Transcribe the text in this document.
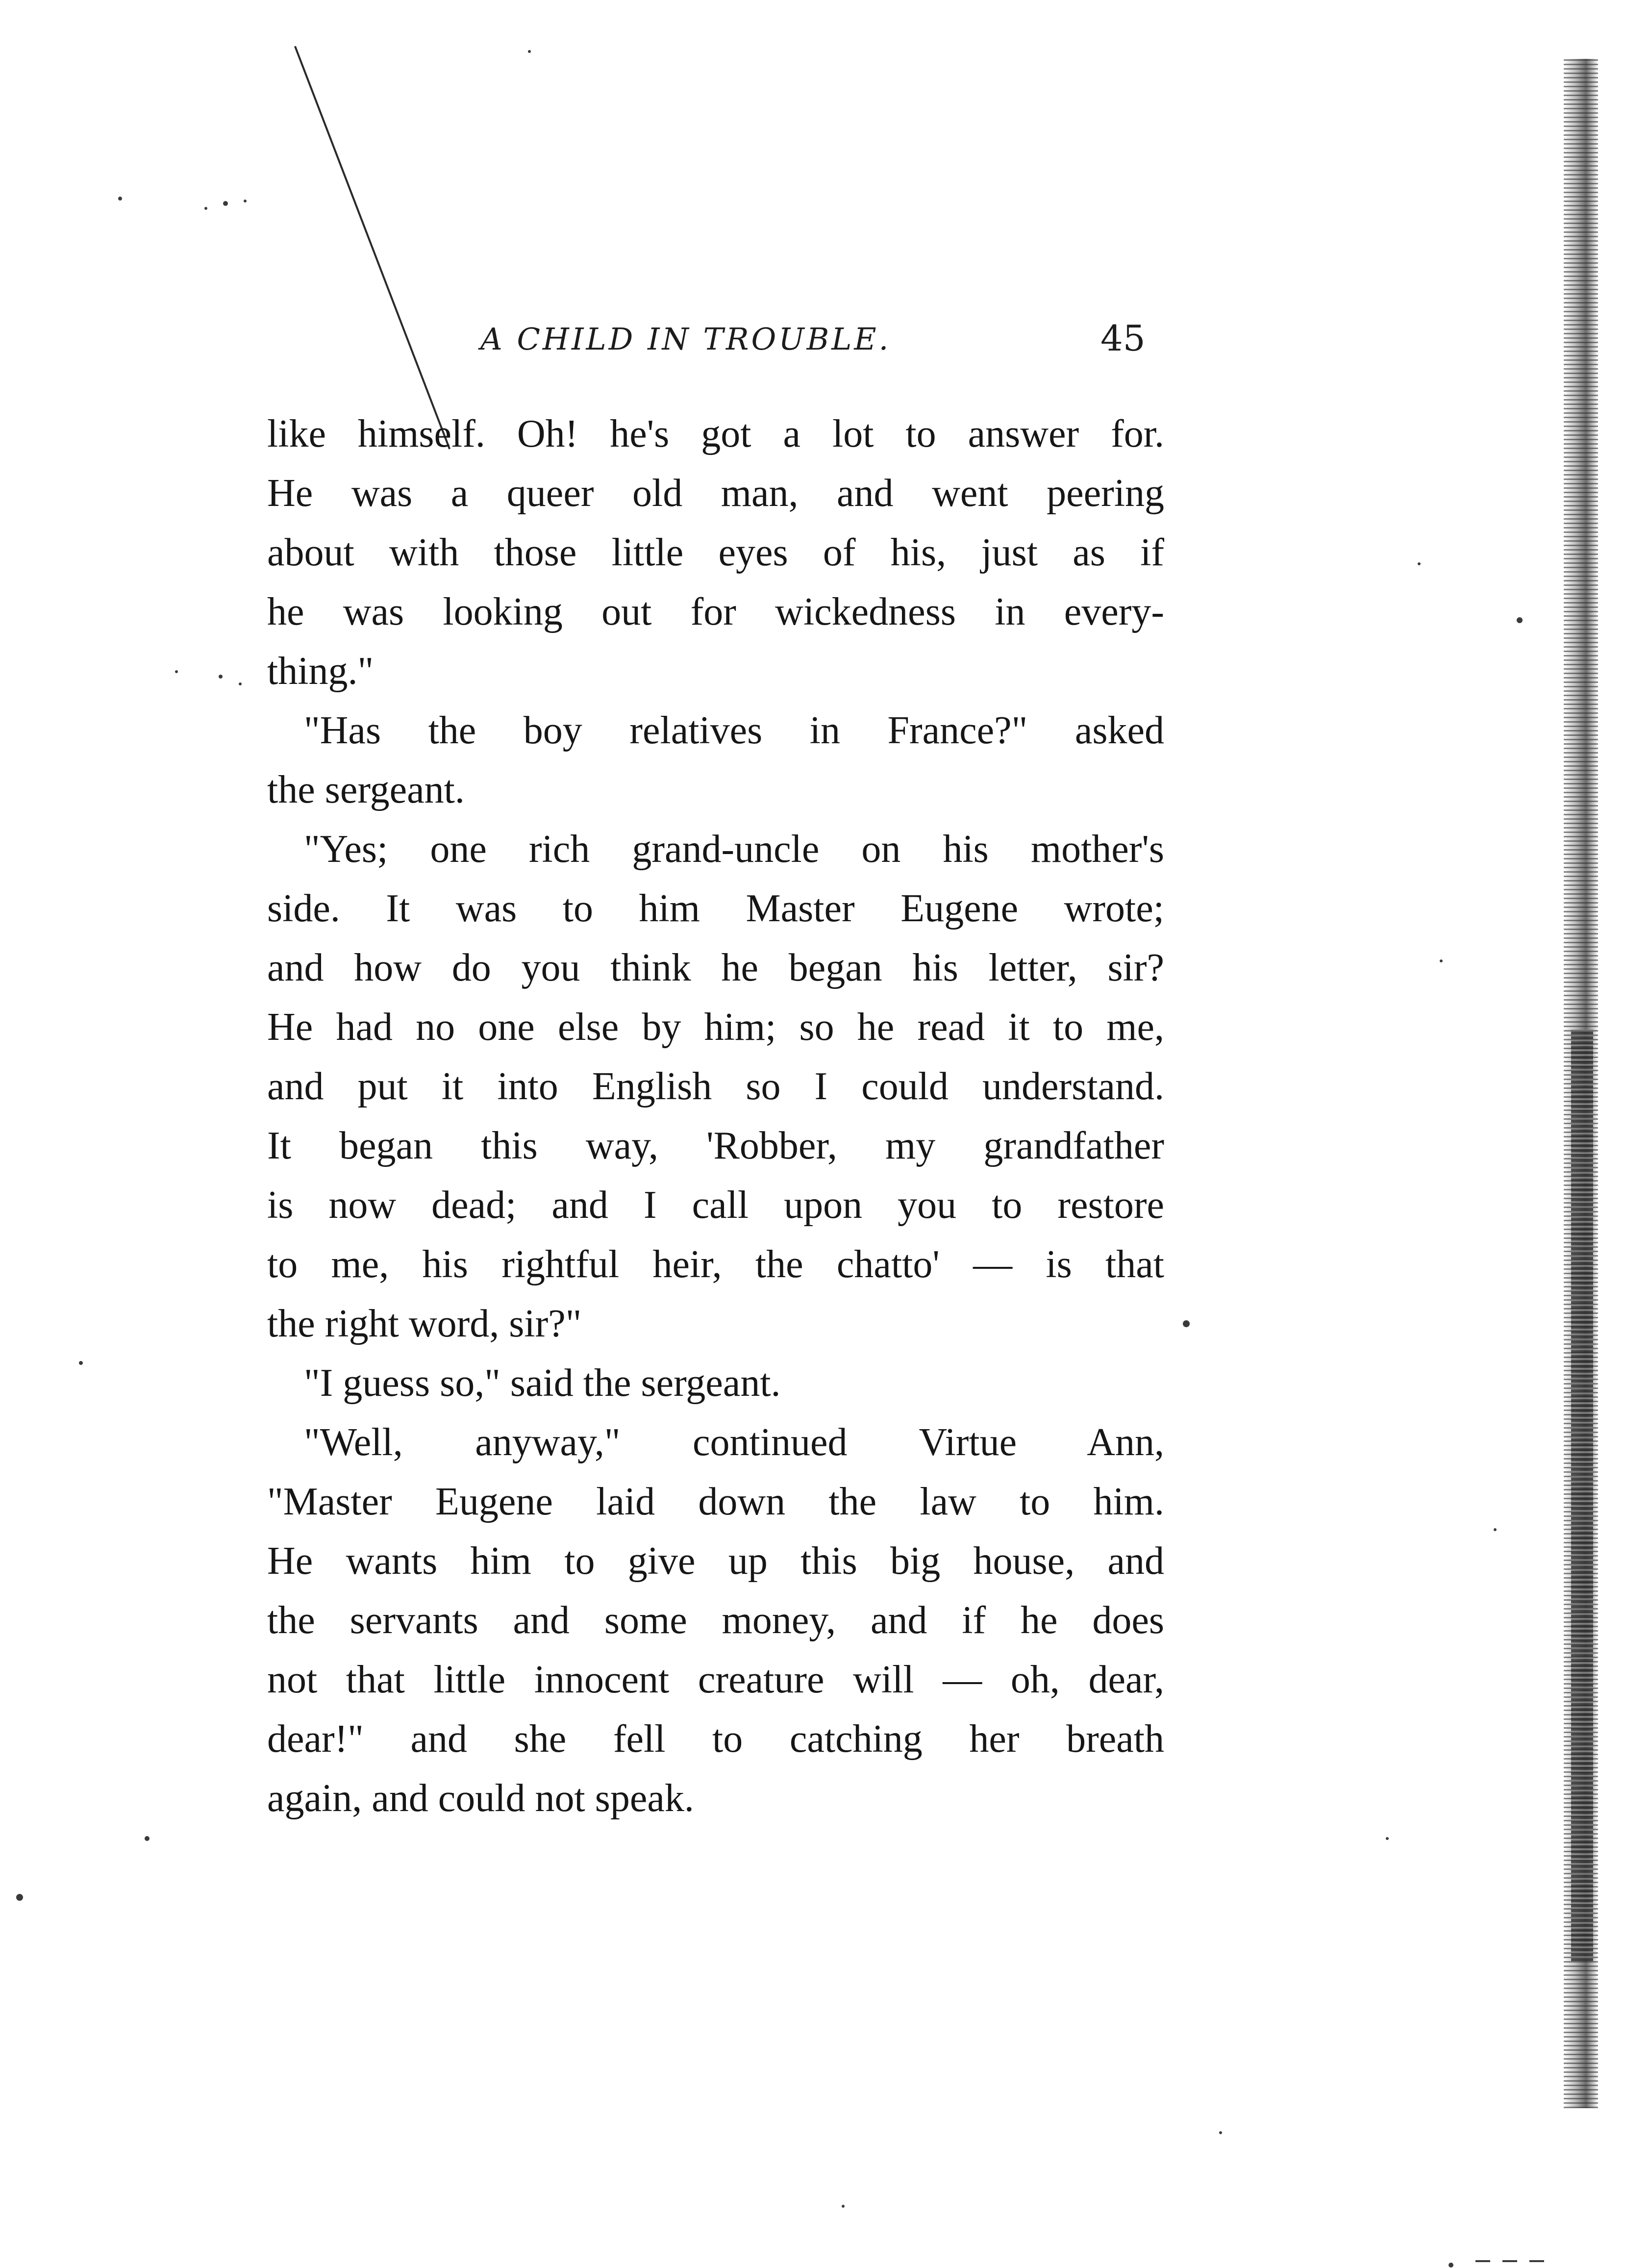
A CHILD IN TROUBLE.	45
like himself. Oh! he's got a lot to answer for.
He was a queer old man, and went peering
about with those little eyes of his, just as if
he was looking out for wickedness in every-
thing."
"Has the boy relatives in France?" asked
the sergeant.
"Yes; one rich grand-uncle on his mother's
side. It was to him Master Eugene wrote;
and how do you think he began his letter, sir?
He had no one else by him; so he read it to me,
and put it into English so I could understand.
It began this way, 'Robber, my grandfather
is now dead; and I call upon you to restore
to me, his rightful heir, the chatto' — is that
the right word, sir?"
"I guess so," said the sergeant.
"Well, anyway," continued Virtue Ann,
"Master Eugene laid down the law to him.
He wants him to give up this big house, and
the servants and some money, and if he does
not that little innocent creature will — oh, dear,
dear!" and she fell to catching her breath
again, and could not speak.
